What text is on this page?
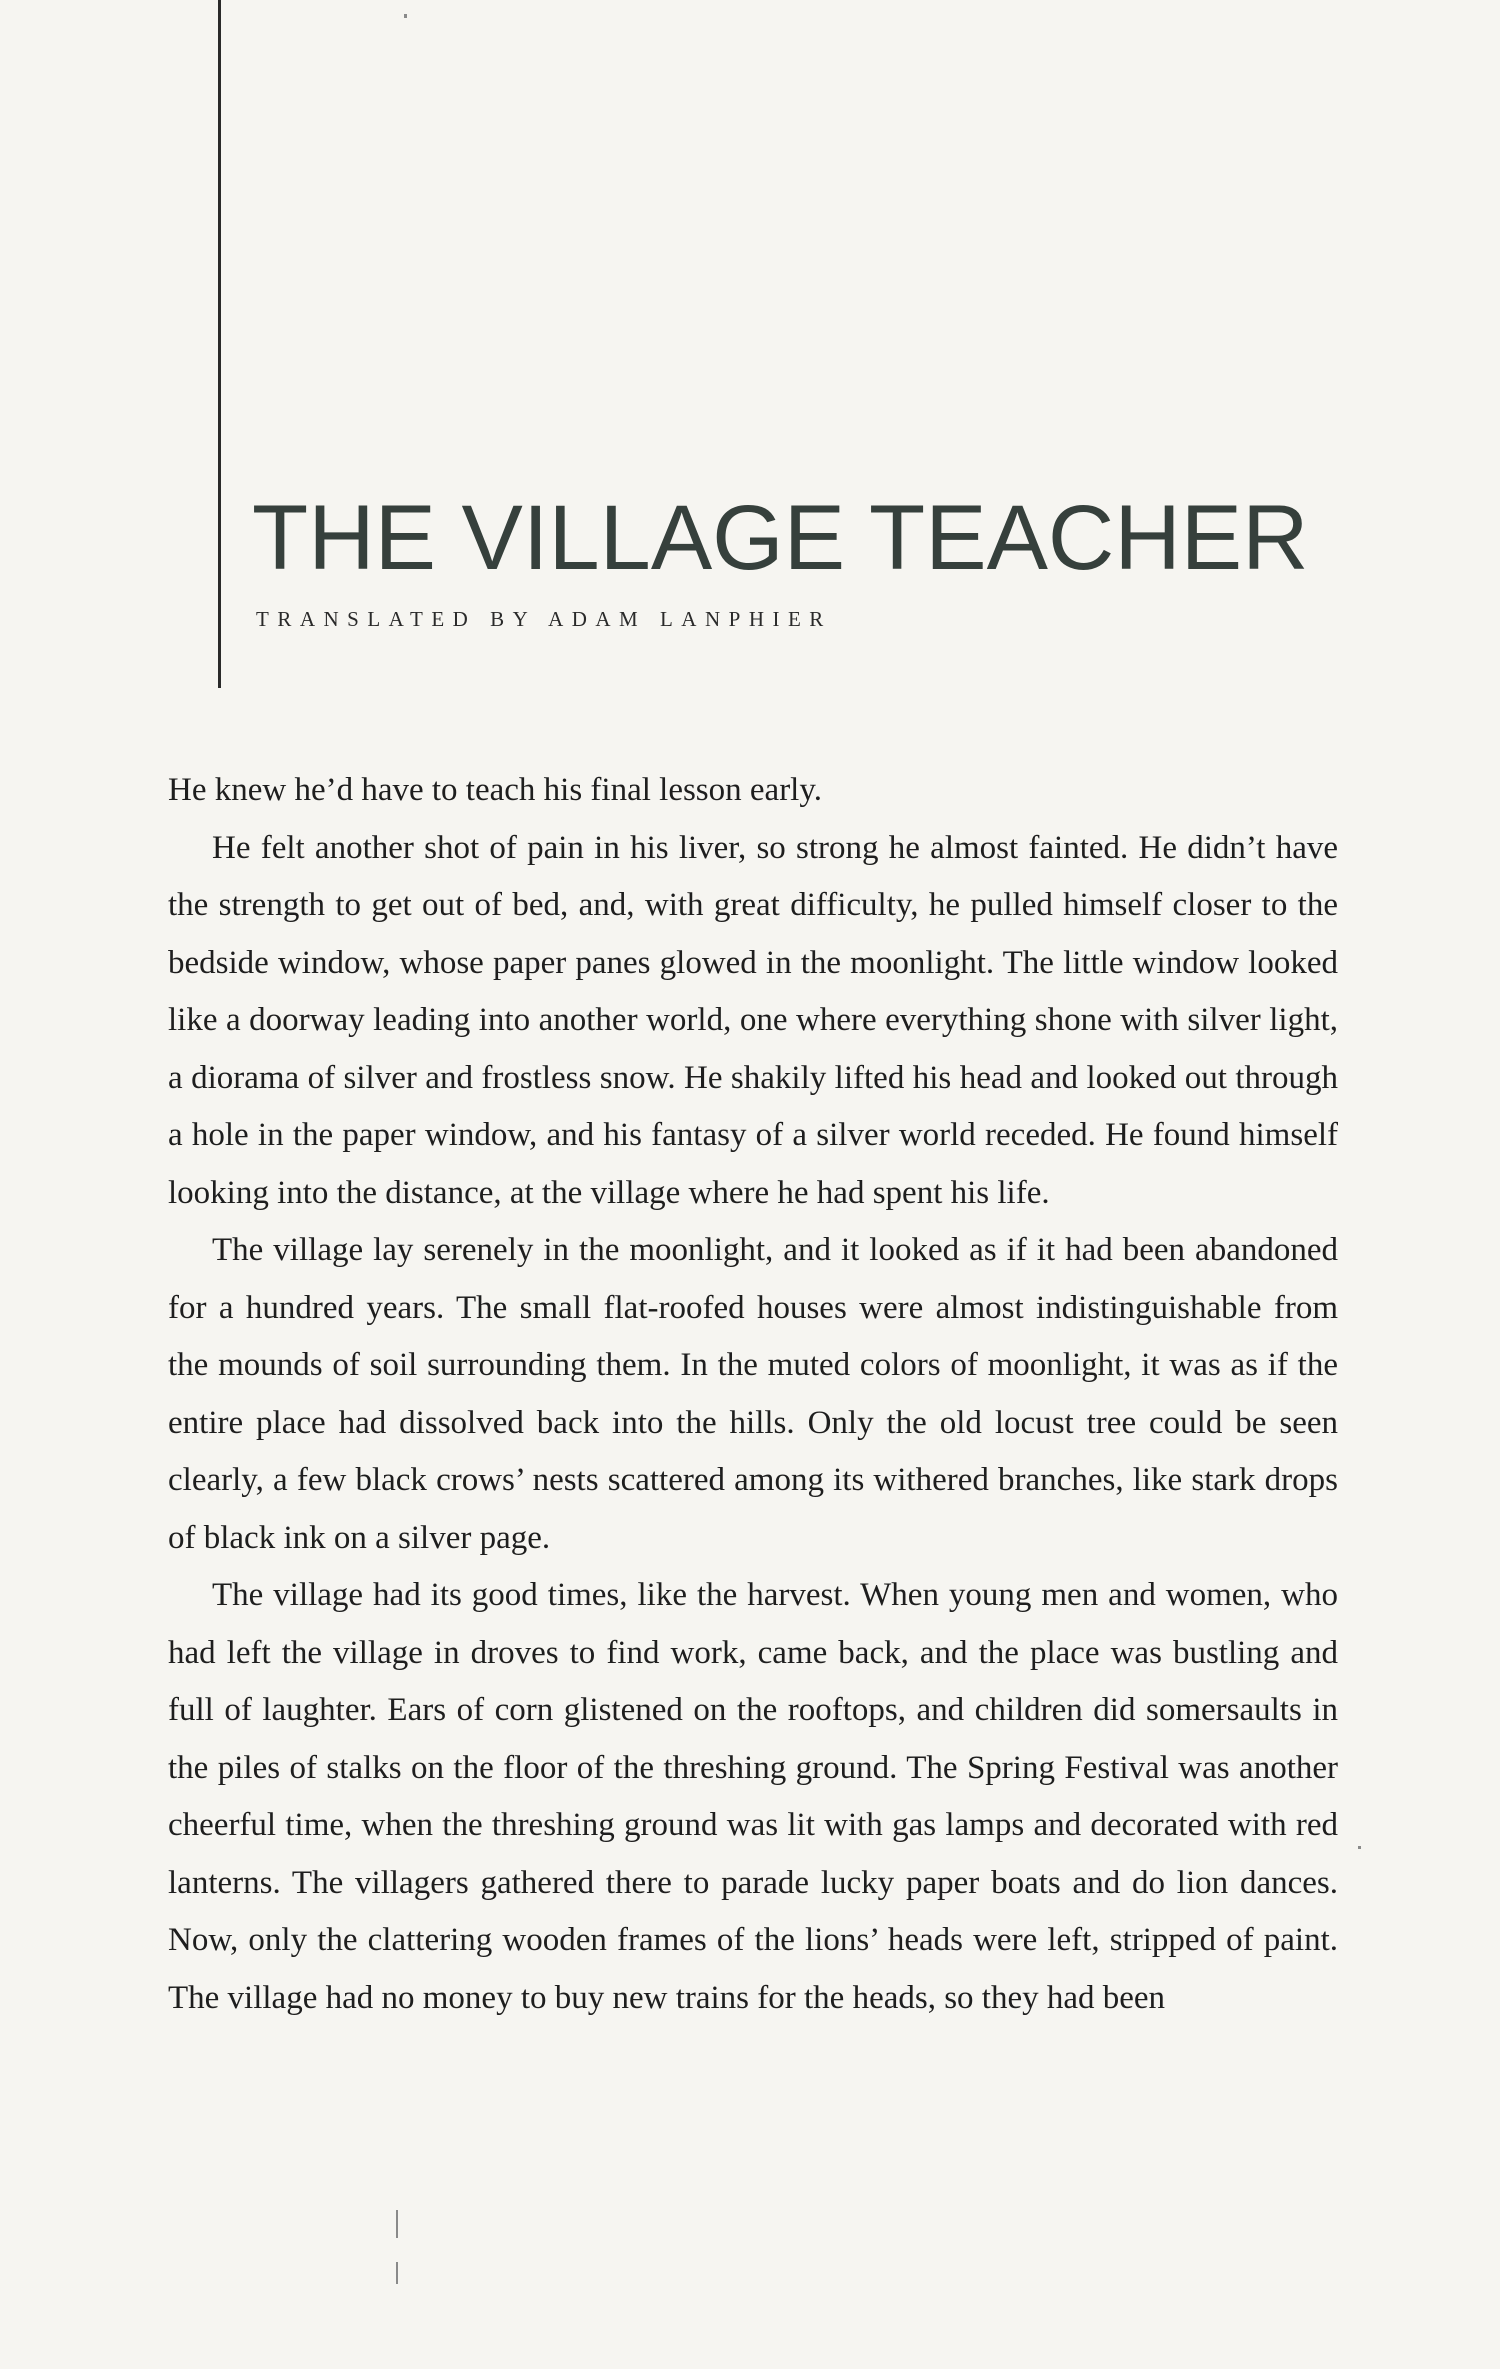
THE VILLAGE TEACHER
TRANSLATED BY ADAM LANPHIER

He knew he’d have to teach his final lesson early.

He felt another shot of pain in his liver, so strong he almost fainted. He didn’t have the strength to get out of bed, and, with great difficulty, he pulled himself closer to the bedside window, whose paper panes glowed in the moonlight. The little window looked like a doorway leading into another world, one where everything shone with silver light, a diorama of silver and frostless snow. He shakily lifted his head and looked out through a hole in the paper window, and his fantasy of a silver world receded. He found himself looking into the distance, at the village where he had spent his life.

The village lay serenely in the moonlight, and it looked as if it had been abandoned for a hundred years. The small flat-roofed houses were almost indistinguishable from the mounds of soil surrounding them. In the muted colors of moonlight, it was as if the entire place had dissolved back into the hills. Only the old locust tree could be seen clearly, a few black crows’ nests scattered among its withered branches, like stark drops of black ink on a silver page.

The village had its good times, like the harvest. When young men and women, who had left the village in droves to find work, came back, and the place was bustling and full of laughter. Ears of corn glistened on the rooftops, and children did somersaults in the piles of stalks on the floor of the threshing ground. The Spring Festival was another cheerful time, when the threshing ground was lit with gas lamps and decorated with red lanterns. The villagers gathered there to parade lucky paper boats and do lion dances. Now, only the clattering wooden frames of the lions’ heads were left, stripped of paint. The village had no money to buy new trains for the heads, so they had been
